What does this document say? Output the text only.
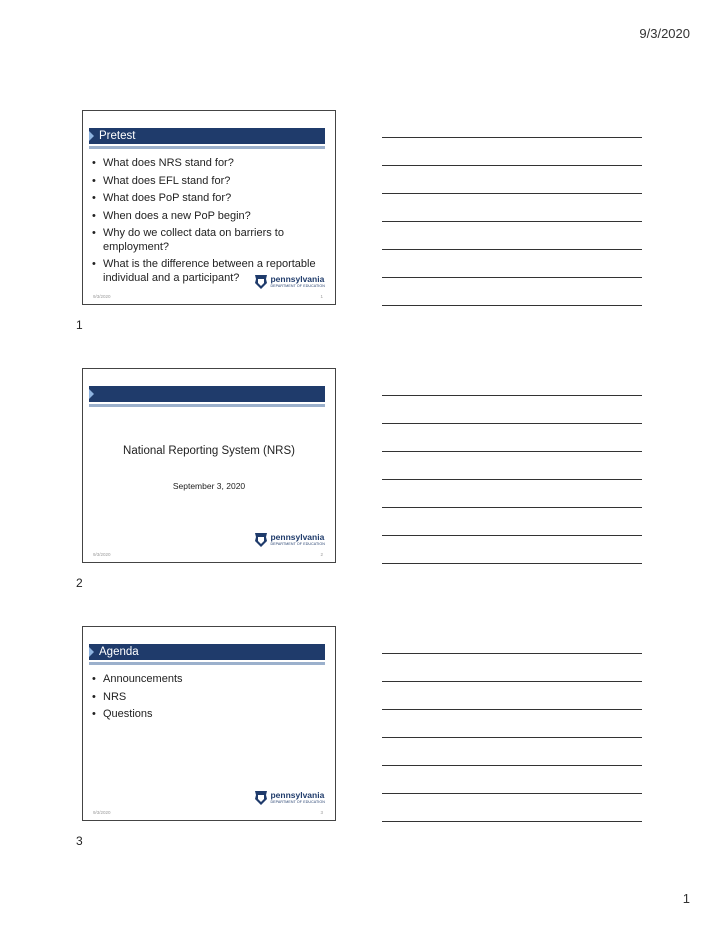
9/3/2020
Pretest
• What does NRS stand for?
• What does EFL stand for?
• What does PoP stand for?
• When does a new PoP begin?
• Why do we collect data on barriers to employment?
• What is the difference between a reportable individual and a participant?	pennsylvania
DEPARTMENT OF EDUCATION
9/3/2020	1
1
National Reporting System (NRS)
September 3, 2020
pennsylvania
DEPARTMENT OF EDUCATION
9/3/2020	2
2
Agenda
• Announcements
• NRS
• Questions
pennsylvania
DEPARTMENT OF EDUCATION
9/3/2020	3
3
1
